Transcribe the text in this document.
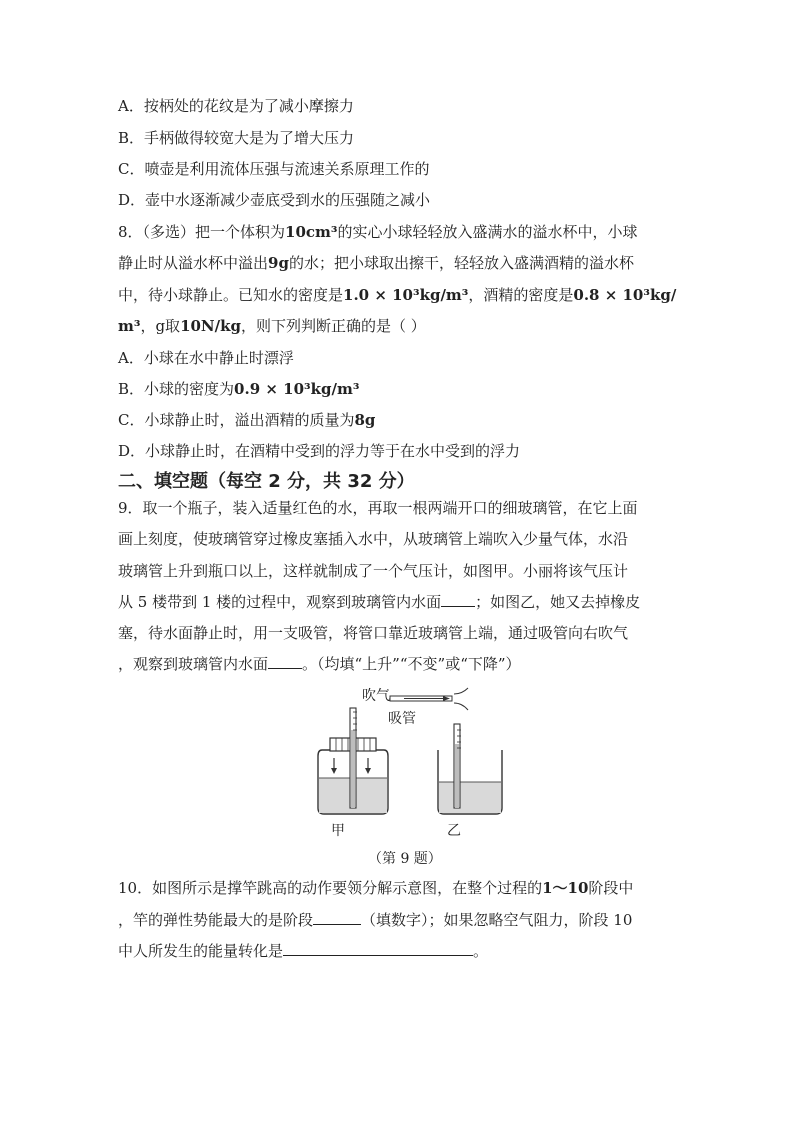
A．按柄处的花纹是为了减小摩擦力
B．手柄做得较宽大是为了增大压力
C．喷壶是利用流体压强与流速关系原理工作的
D．壶中水逐渐减少壶底受到水的压强随之减小
8．（多选）把一个体积为10cm³的实心小球轻轻放入盛满水的溢水杯中，小球
静止时从溢水杯中溢出9g的水；把小球取出擦干，轻轻放入盛满酒精的溢水杯
中，待小球静止。已知水的密度是1.0 × 10³kg/m³，酒精的密度是0.8 × 10³kg/
m³，g取10N/kg，则下列判断正确的是（ ）
A．小球在水中静止时漂浮
B．小球的密度为0.9 × 10³kg/m³
C．小球静止时，溢出酒精的质量为8g
D．小球静止时，在酒精中受到的浮力等于在水中受到的浮力
二、填空题（每空 2 分，共 32 分）
9．取一个瓶子，装入适量红色的水，再取一根两端开口的细玻璃管，在它上面
画上刻度，使玻璃管穿过橡皮塞插入水中，从玻璃管上端吹入少量气体，水沿
玻璃管上升到瓶口以上，这样就制成了一个气压计，如图甲。小丽将该气压计
从 5 楼带到 1 楼的过程中，观察到玻璃管内水面 ；如图乙，她又去掉橡皮
塞，待水面静止时，用一支吸管，将管口靠近玻璃管上端，通过吸管向右吹气
，观察到玻璃管内水面 。（均填“上升”“不变”或“下降”）
吹气
吸管
甲	乙
（第 9 题）
10．如图所示是撑竿跳高的动作要领分解示意图，在整个过程的1～10阶段中
，竿的弹性势能最大的是阶段	（填数字）；如果忽略空气阻力，阶段 10
中人所发生的能量转化是	。
